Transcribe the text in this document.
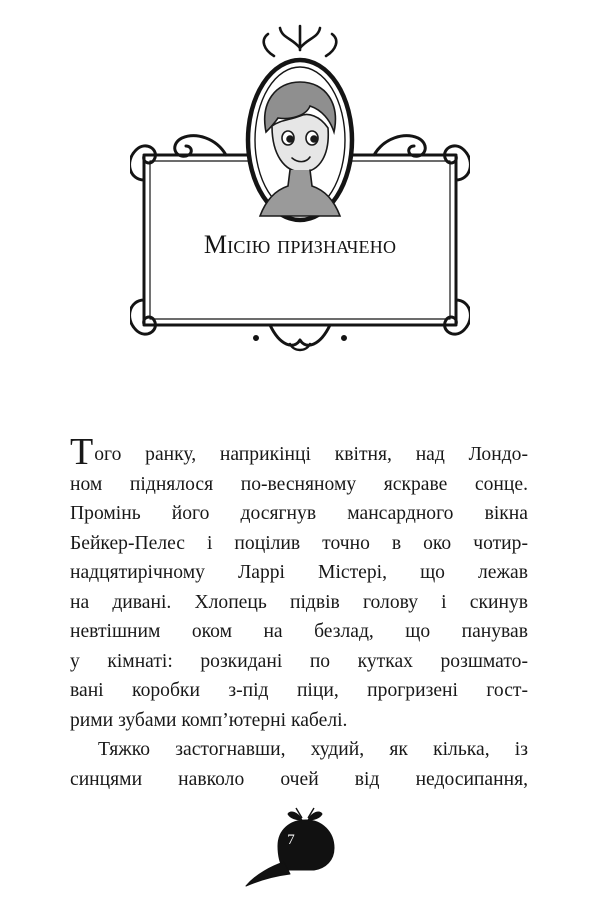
Місію призначено
Того ранку, наприкінці квітня, над Лондо-
ном піднялося по-весняному яскраве сонце.
Промінь його досягнув мансардного вікна
Бейкер-Пелес і поцілив точно в око чотир-
надцятирічному Ларрі Містері, що лежав
на дивані. Хлопець підвів голову і скинув
невтішним оком на безлад, що панував
у кімнаті: розкидані по кутках розшмато-
вані коробки з-під піци, прогризені гост-
рими зубами комп’ютерні кабелі.
Тяжко застогнавши, худий, як кілька, із
синцями навколо очей від недосипання,
7
